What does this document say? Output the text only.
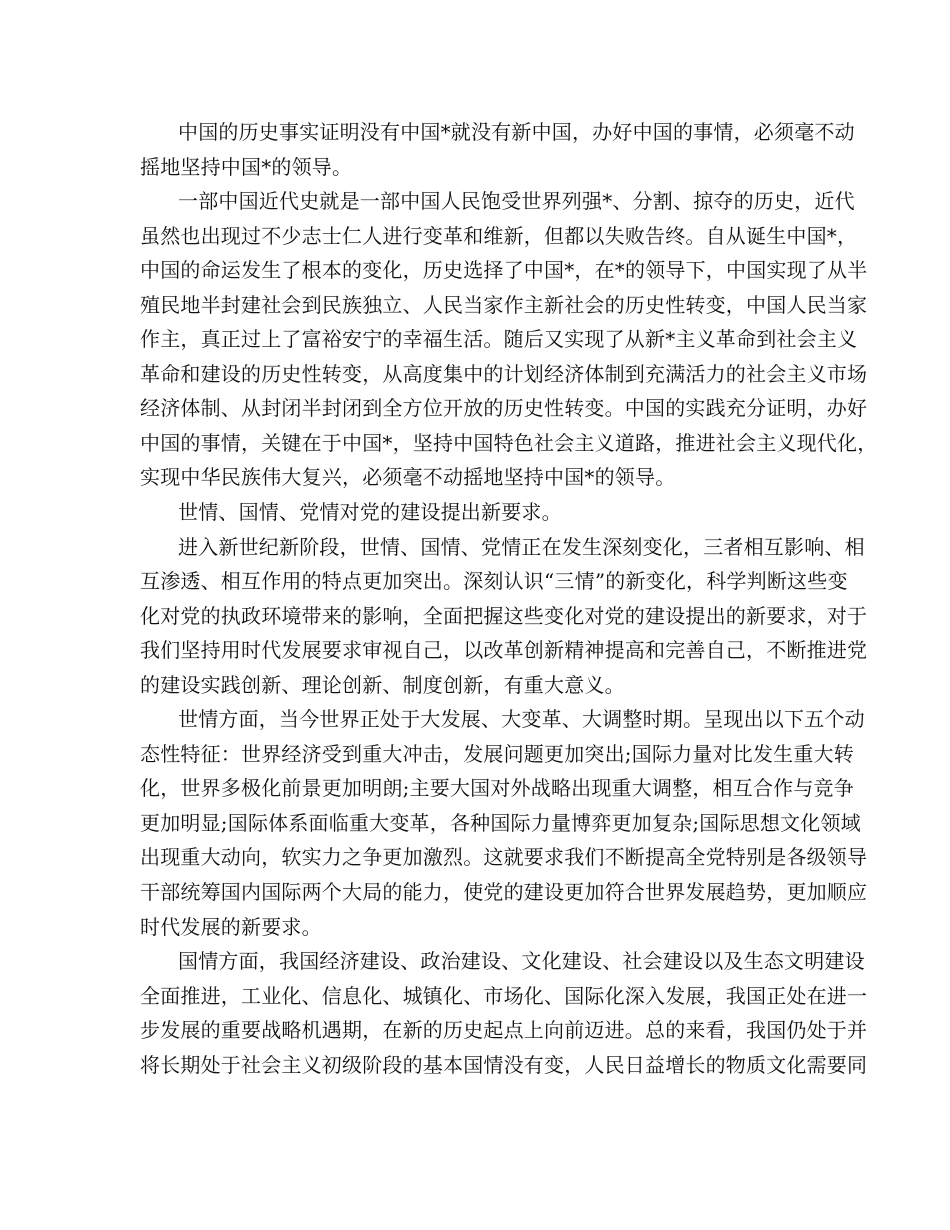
中国的历史事实证明没有中国*就没有新中国，办好中国的事情，必须毫不动
摇地坚持中国*的领导。
一部中国近代史就是一部中国人民饱受世界列强*、分割、掠夺的历史，近代
虽然也出现过不少志士仁人进行变革和维新，但都以失败告终。自从诞生中国*，
中国的命运发生了根本的变化，历史选择了中国*，在*的领导下，中国实现了从半
殖民地半封建社会到民族独立、人民当家作主新社会的历史性转变，中国人民当家
作主，真正过上了富裕安宁的幸福生活。随后又实现了从新*主义革命到社会主义
革命和建设的历史性转变，从高度集中的计划经济体制到充满活力的社会主义市场
经济体制、从封闭半封闭到全方位开放的历史性转变。中国的实践充分证明，办好
中国的事情，关键在于中国*，坚持中国特色社会主义道路，推进社会主义现代化，
实现中华民族伟大复兴，必须毫不动摇地坚持中国*的领导。
世情、国情、党情对党的建设提出新要求。
进入新世纪新阶段，世情、国情、党情正在发生深刻变化，三者相互影响、相
互渗透、相互作用的特点更加突出。深刻认识“三情”的新变化，科学判断这些变
化对党的执政环境带来的影响，全面把握这些变化对党的建设提出的新要求，对于
我们坚持用时代发展要求审视自己，以改革创新精神提高和完善自己，不断推进党
的建设实践创新、理论创新、制度创新，有重大意义。
世情方面，当今世界正处于大发展、大变革、大调整时期。呈现出以下五个动
态性特征：世界经济受到重大冲击，发展问题更加突出;国际力量对比发生重大转
化，世界多极化前景更加明朗;主要大国对外战略出现重大调整，相互合作与竞争
更加明显;国际体系面临重大变革，各种国际力量博弈更加复杂;国际思想文化领域
出现重大动向，软实力之争更加激烈。这就要求我们不断提高全党特别是各级领导
干部统筹国内国际两个大局的能力，使党的建设更加符合世界发展趋势，更加顺应
时代发展的新要求。
国情方面，我国经济建设、政治建设、文化建设、社会建设以及生态文明建设
全面推进，工业化、信息化、城镇化、市场化、国际化深入发展，我国正处在进一
步发展的重要战略机遇期，在新的历史起点上向前迈进。总的来看，我国仍处于并
将长期处于社会主义初级阶段的基本国情没有变，人民日益增长的物质文化需要同
